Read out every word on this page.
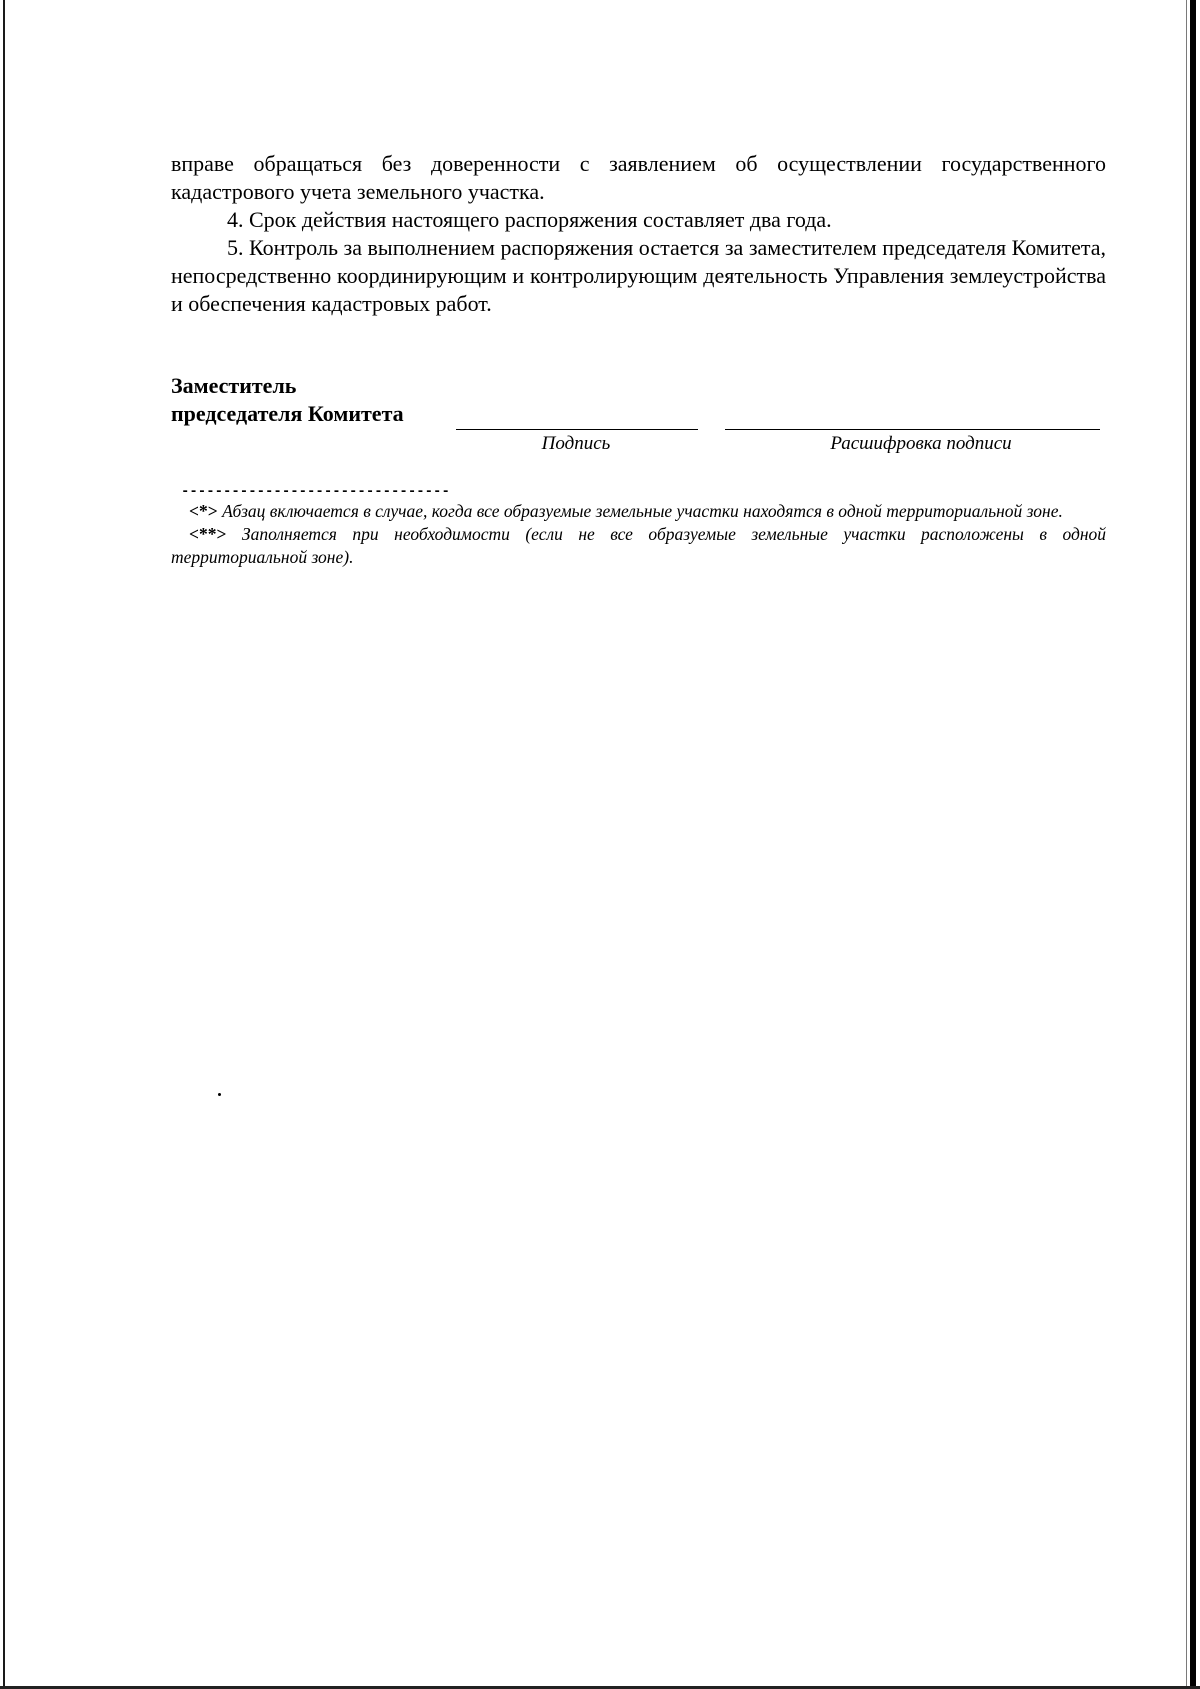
вправе обращаться без доверенности с заявлением об осуществлении государственного кадастрового учета земельного участка.

4. Срок действия настоящего распоряжения составляет два года.

5. Контроль за выполнением распоряжения остается за заместителем председателя Комитета, непосредственно координирующим и контролирующим деятельность Управления землеустройства и обеспечения кадастровых работ.

Заместитель
председателя Комитета
Подпись	Расшифровка подписи

--------------------------------

<*> Абзац включается в случае, когда все образуемые земельные участки находятся в одной территориальной зоне.

<**> Заполняется при необходимости (если не все образуемые земельные участки расположены в одной территориальной зоне).
